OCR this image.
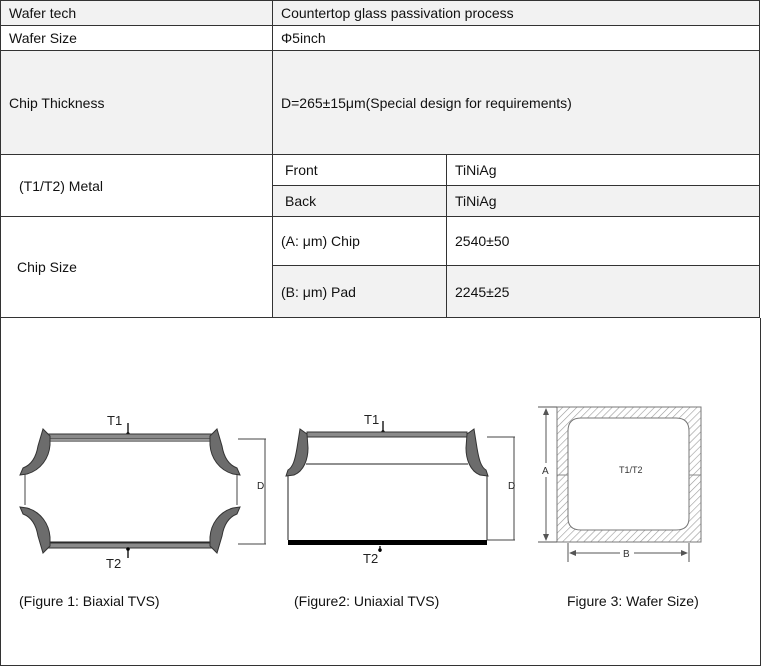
Wafer tech	Countertop glass passivation process	
Wafer Size	Φ5inch	
Chip Thickness	D=265±15μm(Special design for requirements)	
(T1/T2) Metal	Front	TiNiAg
	Back	TiNiAg
Chip Size	(A: μm) Chip	2540±50
	(B: μm) Pad	2245±25
T1
D
T2
T1
D
T2
T1/T2
A
B
(Figure 1: Biaxial TVS)	(Figure2: Uniaxial TVS)	Figure 3: Wafer Size)
